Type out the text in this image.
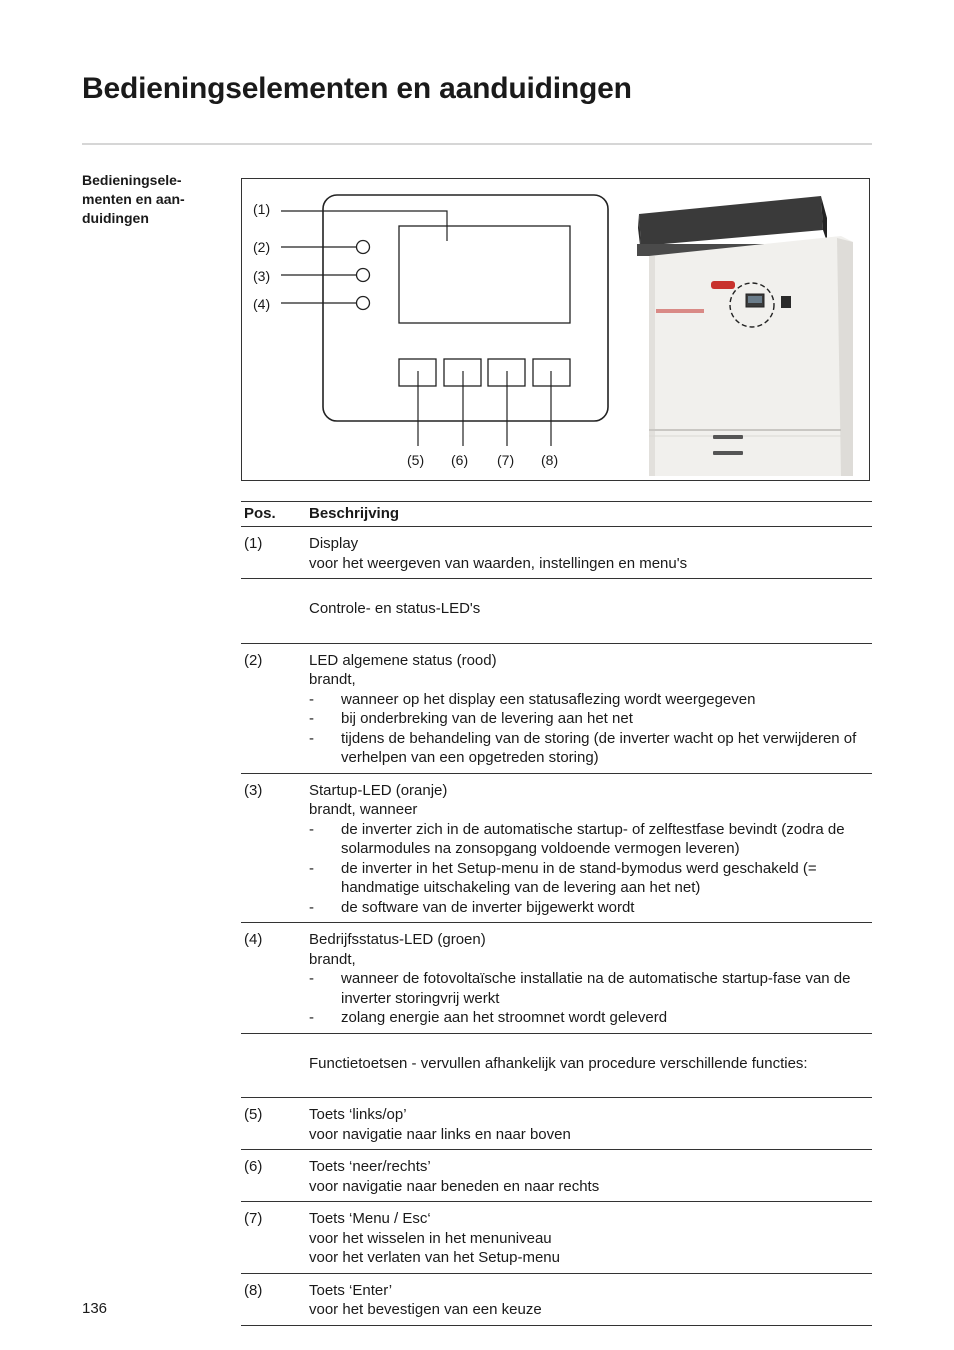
Bedieningselementen en aanduidingen
Bedieningsele-
menten en aan-
duidingen
(1)
(2)
(3)
(4)
(5) (6) (7) (8)
Pos.	Beschrijving
(1)	Display
voor het weergeven van waarden, instellingen en menu's
Controle- en status-LED's
(2)	LED algemene status (rood)
brandt,
-	wanneer op het display een statusaflezing wordt weergegeven
-	bij onderbreking van de levering aan het net
-	tijdens de behandeling van de storing (de inverter wacht op het verwijderen of verhelpen van een opgetreden storing)
(3)	Startup-LED (oranje)
brandt, wanneer
-	de inverter zich in de automatische startup- of zelftestfase bevindt (zodra de solarmodules na zonsopgang voldoende vermogen leveren)
-	de inverter in het Setup-menu in de stand-bymodus werd geschakeld (= handmatige uitschakeling van de levering aan het net)
-	de software van de inverter bijgewerkt wordt
(4)	Bedrijfsstatus-LED (groen)
brandt,
-	wanneer de fotovoltaïsche installatie na de automatische startup-fase van de inverter storingvrij werkt
-	zolang energie aan het stroomnet wordt geleverd
Functietoetsen - vervullen afhankelijk van procedure verschillende functies:
(5)	Toets ‘links/op’
voor navigatie naar links en naar boven
(6)	Toets ‘neer/rechts’
voor navigatie naar beneden en naar rechts
(7)	Toets ‘Menu / Esc‘
voor het wisselen in het menuniveau
voor het verlaten van het Setup-menu
(8)	Toets ‘Enter’
voor het bevestigen van een keuze
136
